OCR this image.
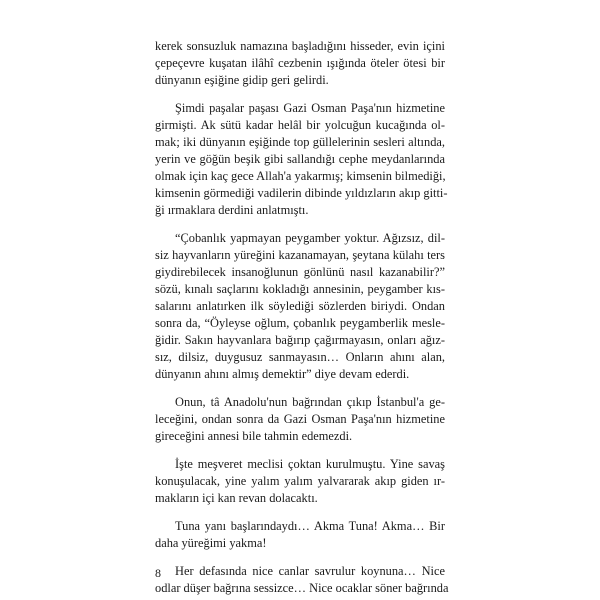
kerek sonsuzluk namazına başladığını hisseder, evin içini
çepeçevre kuşatan ilâhî cezbenin ışığında öteler ötesi bir
dünyanın eşiğine gidip geri gelirdi.
Şimdi paşalar paşası Gazi Osman Paşa'nın hizmetine
girmişti. Ak sütü kadar helâl bir yolcuğun kucağında ol-
mak; iki dünyanın eşiğinde top güllelerinin sesleri altında,
yerin ve göğün beşik gibi sallandığı cephe meydanlarında
olmak için kaç gece Allah'a yakarmış; kimsenin bilmediği,
kimsenin görmediği vadilerin dibinde yıldızların akıp gitti-
ği ırmaklara derdini anlatmıştı.
“Çobanlık yapmayan peygamber yoktur. Ağızsız, dil-
siz hayvanların yüreğini kazanamayan, şeytana külahı ters
giydirebilecek insanoğlunun gönlünü nasıl kazanabilir?”
sözü, kınalı saçlarını kokladığı annesinin, peygamber kıs-
salarını anlatırken ilk söylediği sözlerden biriydi. Ondan
sonra da, “Öyleyse oğlum, çobanlık peygamberlik mesle-
ğidir. Sakın hayvanlara bağırıp çağırmayasın, onları ağız-
sız, dilsiz, duygusuz sanmayasın… Onların ahını alan,
dünyanın ahını almış demektir” diye devam ederdi.
Onun, tâ Anadolu'nun bağrından çıkıp İstanbul'a ge-
leceğini, ondan sonra da Gazi Osman Paşa'nın hizmetine
gireceğini annesi bile tahmin edemezdi.
İşte meşveret meclisi çoktan kurulmuştu. Yine savaş
konuşulacak, yine yalım yalım yalvararak akıp giden ır-
makların içi kan revan dolacaktı.
Tuna yanı başlarındaydı… Akma Tuna! Akma… Bir
daha yüreğimi yakma!
Her defasında nice canlar savrulur koynuna… Nice
odlar düşer bağrına sessizce… Nice ocaklar söner bağrında
8
